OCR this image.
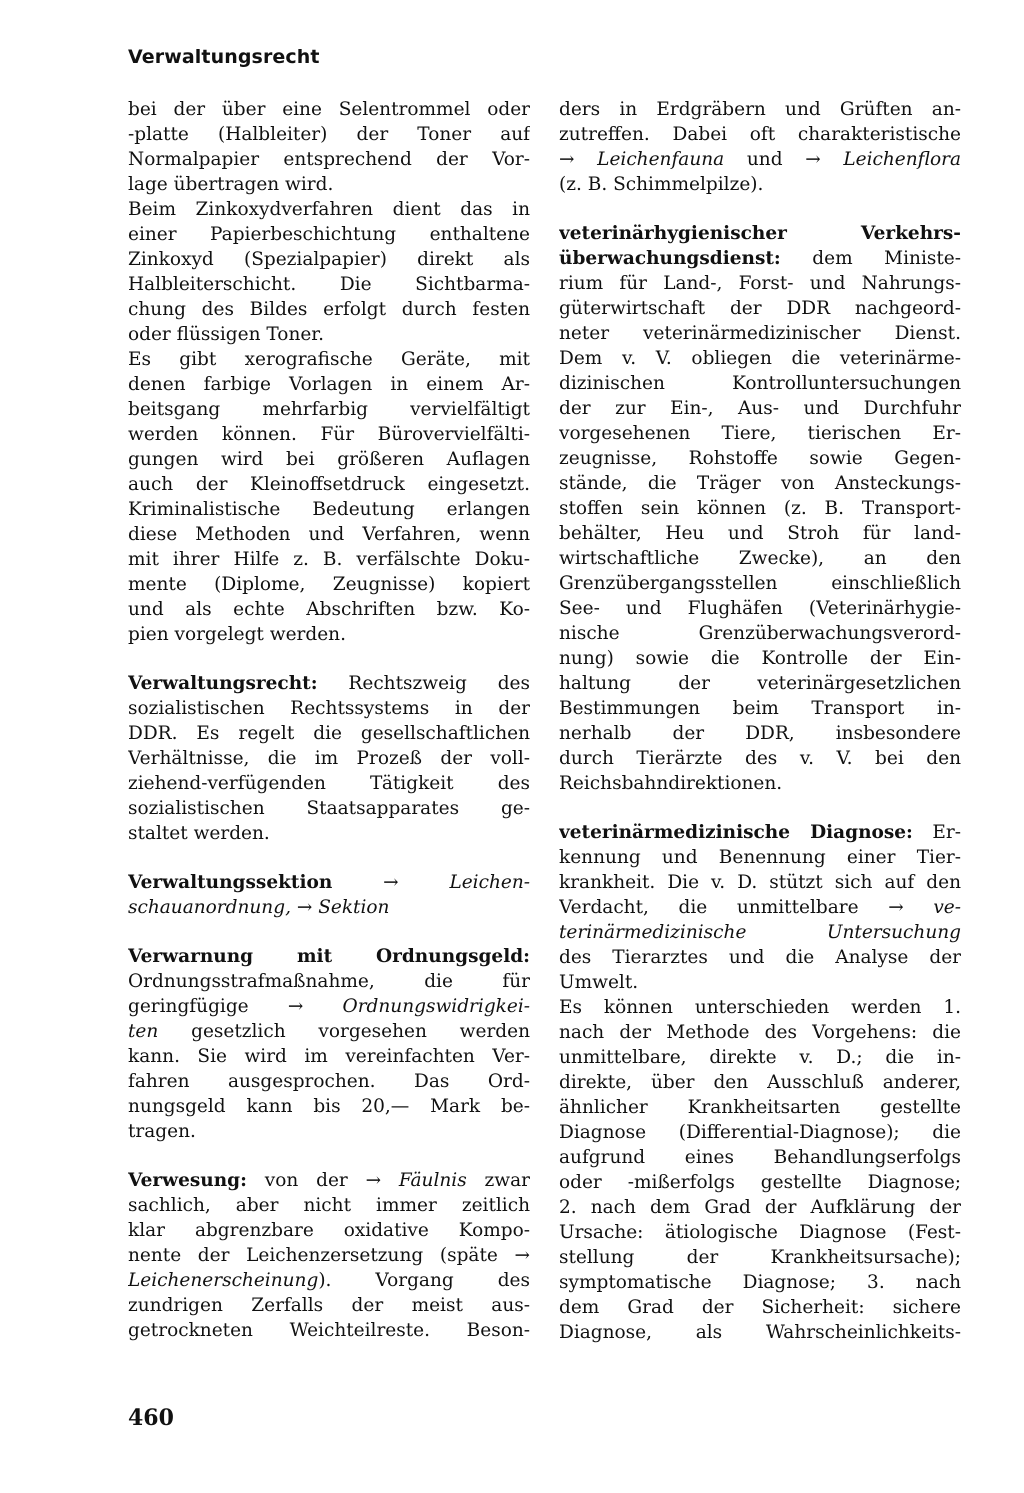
Verwaltungsrecht
bei der über eine Selentrommel oder
-platte (Halbleiter) der Toner auf
Normalpapier entsprechend der Vor-
lage übertragen wird.
Beim Zinkoxydverfahren dient das in
einer Papierbeschichtung enthaltene
Zinkoxyd (Spezialpapier) direkt als
Halbleiterschicht. Die Sichtbarma-
chung des Bildes erfolgt durch festen
oder flüssigen Toner.
Es gibt xerografische Geräte, mit
denen farbige Vorlagen in einem Ar-
beitsgang mehrfarbig vervielfältigt
werden können. Für Bürovervielfälti-
gungen wird bei größeren Auflagen
auch der Kleinoffsetdruck eingesetzt.
Kriminalistische Bedeutung erlangen
diese Methoden und Verfahren, wenn
mit ihrer Hilfe z. B. verfälschte Doku-
mente (Diplome, Zeugnisse) kopiert
und als echte Abschriften bzw. Ko-
pien vorgelegt werden.
Verwaltungsrecht: Rechtszweig des
sozialistischen Rechtssystems in der
DDR. Es regelt die gesellschaftlichen
Verhältnisse, die im Prozeß der voll-
ziehend-verfügenden Tätigkeit des
sozialistischen Staatsapparates ge-
staltet werden.
Verwaltungssektion → Leichen-
schauanordnung, → Sektion
Verwarnung mit Ordnungsgeld:
Ordnungsstrafmaßnahme, die für
geringfügige → Ordnungswidrigkei-
ten gesetzlich vorgesehen werden
kann. Sie wird im vereinfachten Ver-
fahren ausgesprochen. Das Ord-
nungsgeld kann bis 20,— Mark be-
tragen.
Verwesung: von der → Fäulnis zwar
sachlich, aber nicht immer zeitlich
klar abgrenzbare oxidative Kompo-
nente der Leichenzersetzung (späte →
Leichenerscheinung). Vorgang des
zundrigen Zerfalls der meist aus-
getrockneten Weichteilreste. Beson-
ders in Erdgräbern und Grüften an-
zutreffen. Dabei oft charakteristische
→ Leichenfauna und → Leichenflora
(z. B. Schimmelpilze).
veterinärhygienischer Verkehrs-
überwachungsdienst: dem Ministe-
rium für Land-, Forst- und Nahrungs-
güterwirtschaft der DDR nachgeord-
neter veterinärmedizinischer Dienst.
Dem v. V. obliegen die veterinärme-
dizinischen Kontrolluntersuchungen
der zur Ein-, Aus- und Durchfuhr
vorgesehenen Tiere, tierischen Er-
zeugnisse, Rohstoffe sowie Gegen-
stände, die Träger von Ansteckungs-
stoffen sein können (z. B. Transport-
behälter, Heu und Stroh für land-
wirtschaftliche Zwecke), an den
Grenzübergangsstellen einschließlich
See- und Flughäfen (Veterinärhygie-
nische Grenzüberwachungsverord-
nung) sowie die Kontrolle der Ein-
haltung der veterinärgesetzlichen
Bestimmungen beim Transport in-
nerhalb der DDR, insbesondere
durch Tierärzte des v. V. bei den
Reichsbahndirektionen.
veterinärmedizinische Diagnose: Er-
kennung und Benennung einer Tier-
krankheit. Die v. D. stützt sich auf den
Verdacht, die unmittelbare → ve-
terinärmedizinische Untersuchung
des Tierarztes und die Analyse der
Umwelt.
Es können unterschieden werden 1.
nach der Methode des Vorgehens: die
unmittelbare, direkte v. D.; die in-
direkte, über den Ausschluß anderer,
ähnlicher Krankheitsarten gestellte
Diagnose (Differential-Diagnose); die
aufgrund eines Behandlungserfolgs
oder -mißerfolgs gestellte Diagnose;
2. nach dem Grad der Aufklärung der
Ursache: ätiologische Diagnose (Fest-
stellung der Krankheitsursache);
symptomatische Diagnose; 3. nach
dem Grad der Sicherheit: sichere
Diagnose, als Wahrscheinlichkeits-
460
